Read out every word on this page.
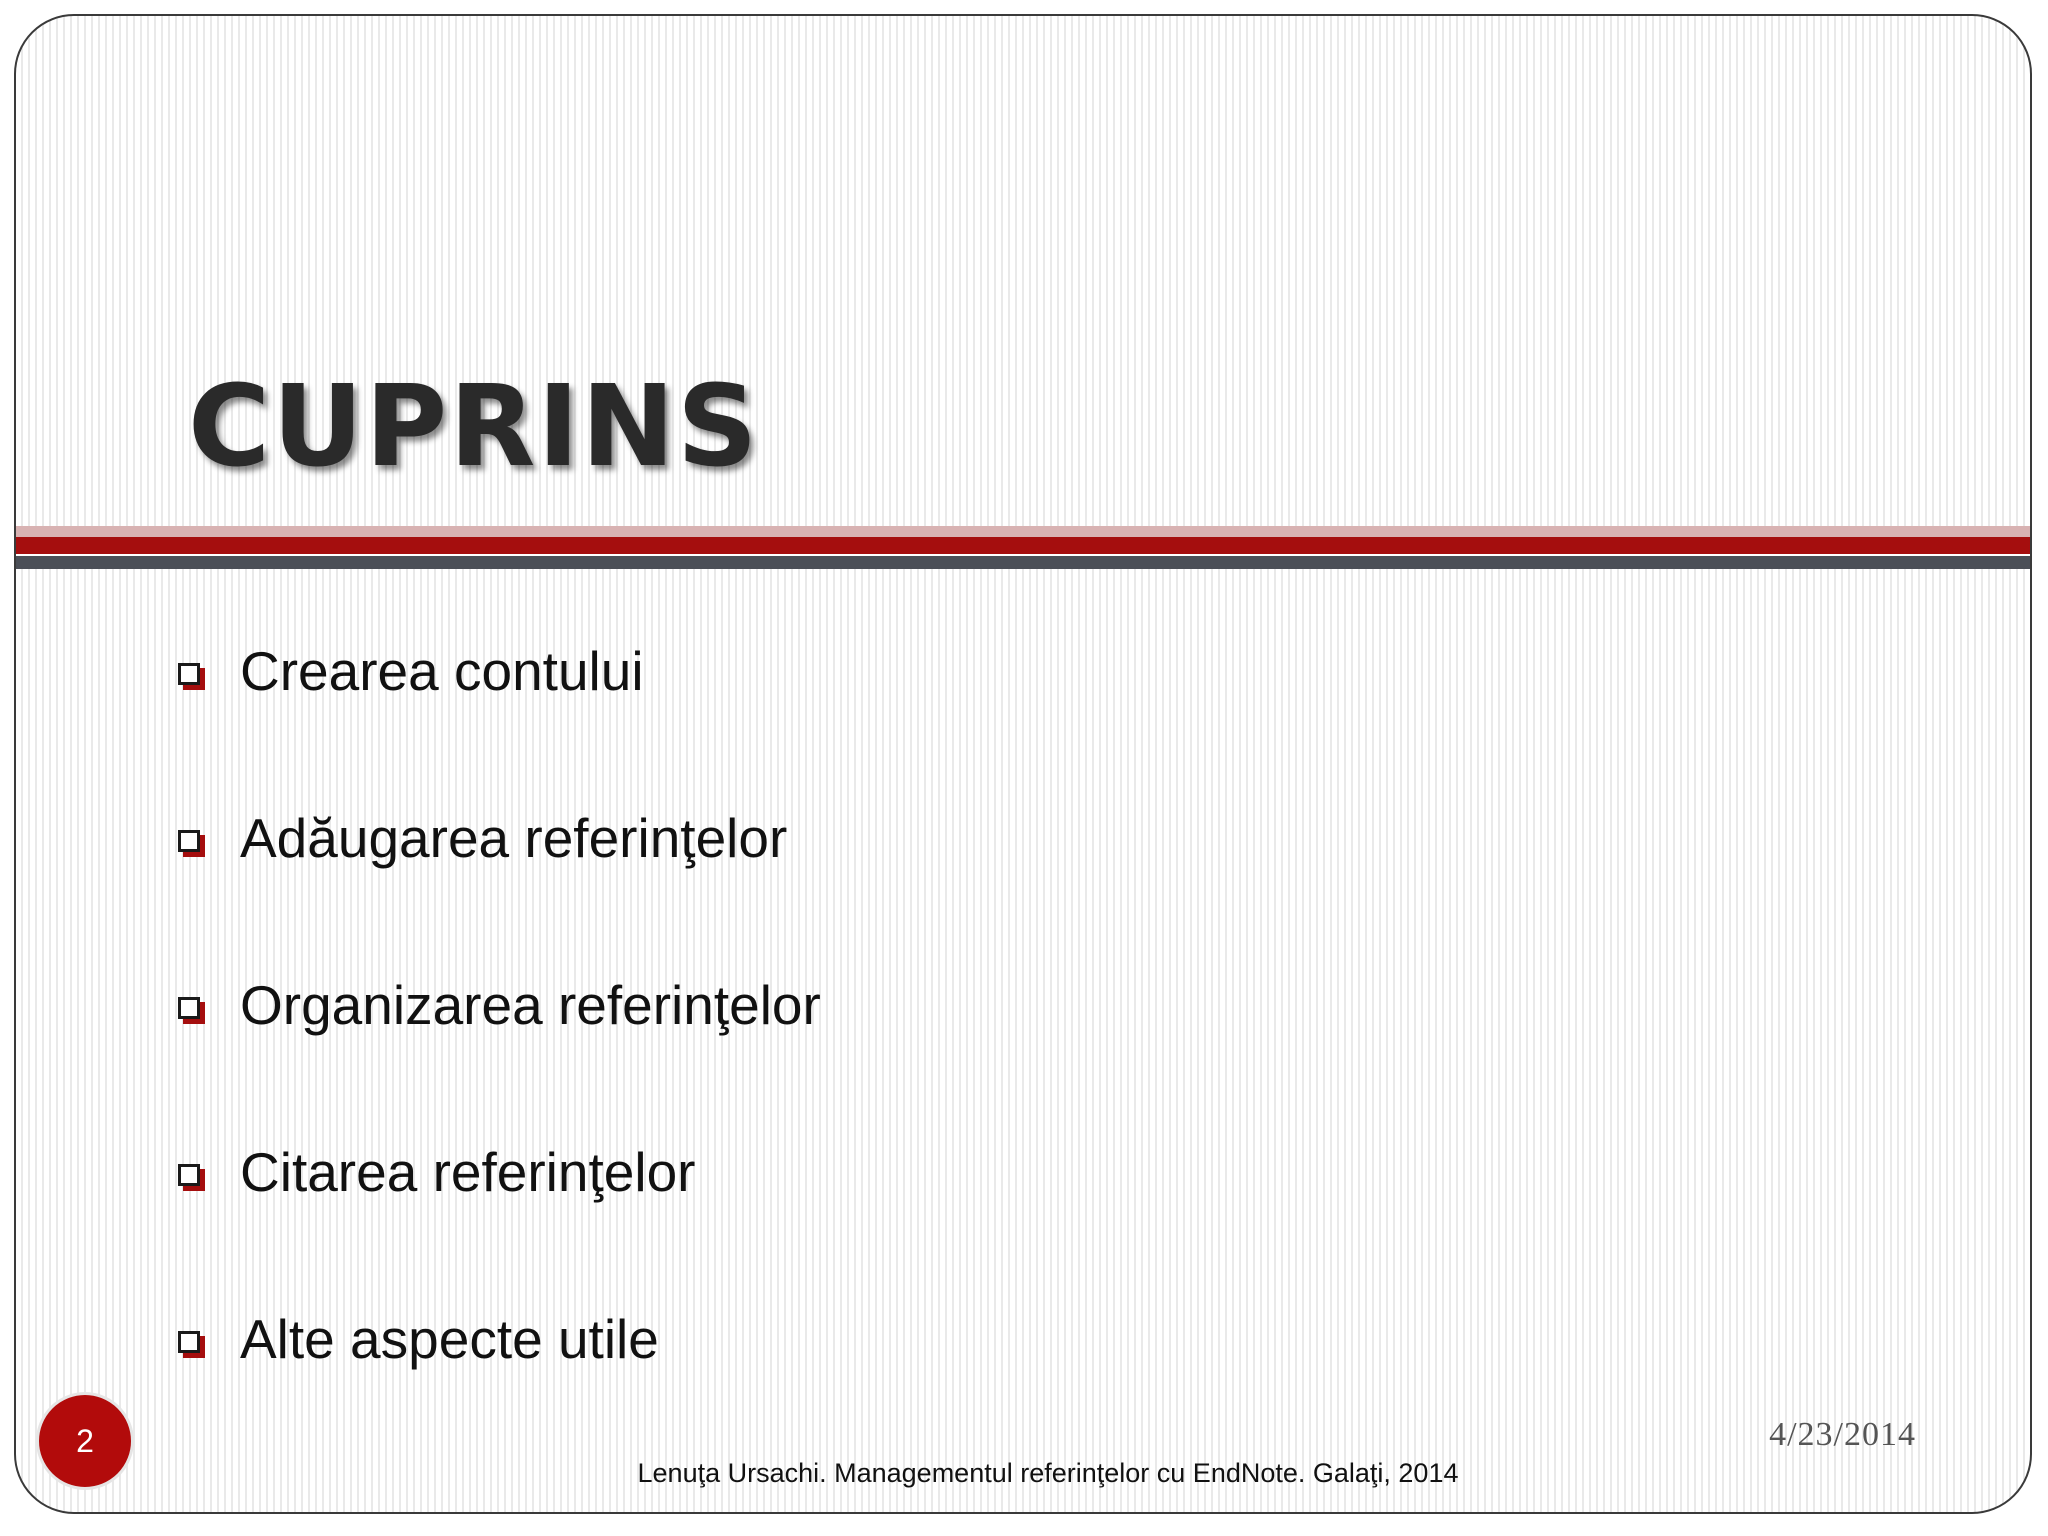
CUPRINS
Crearea contului
Adăugarea referinţelor
Organizarea referinţelor
Citarea referinţelor
Alte aspecte utile
4/23/2014
Lenuţa Ursachi. Managementul referinţelor cu EndNote. Galaţi, 2014
2
